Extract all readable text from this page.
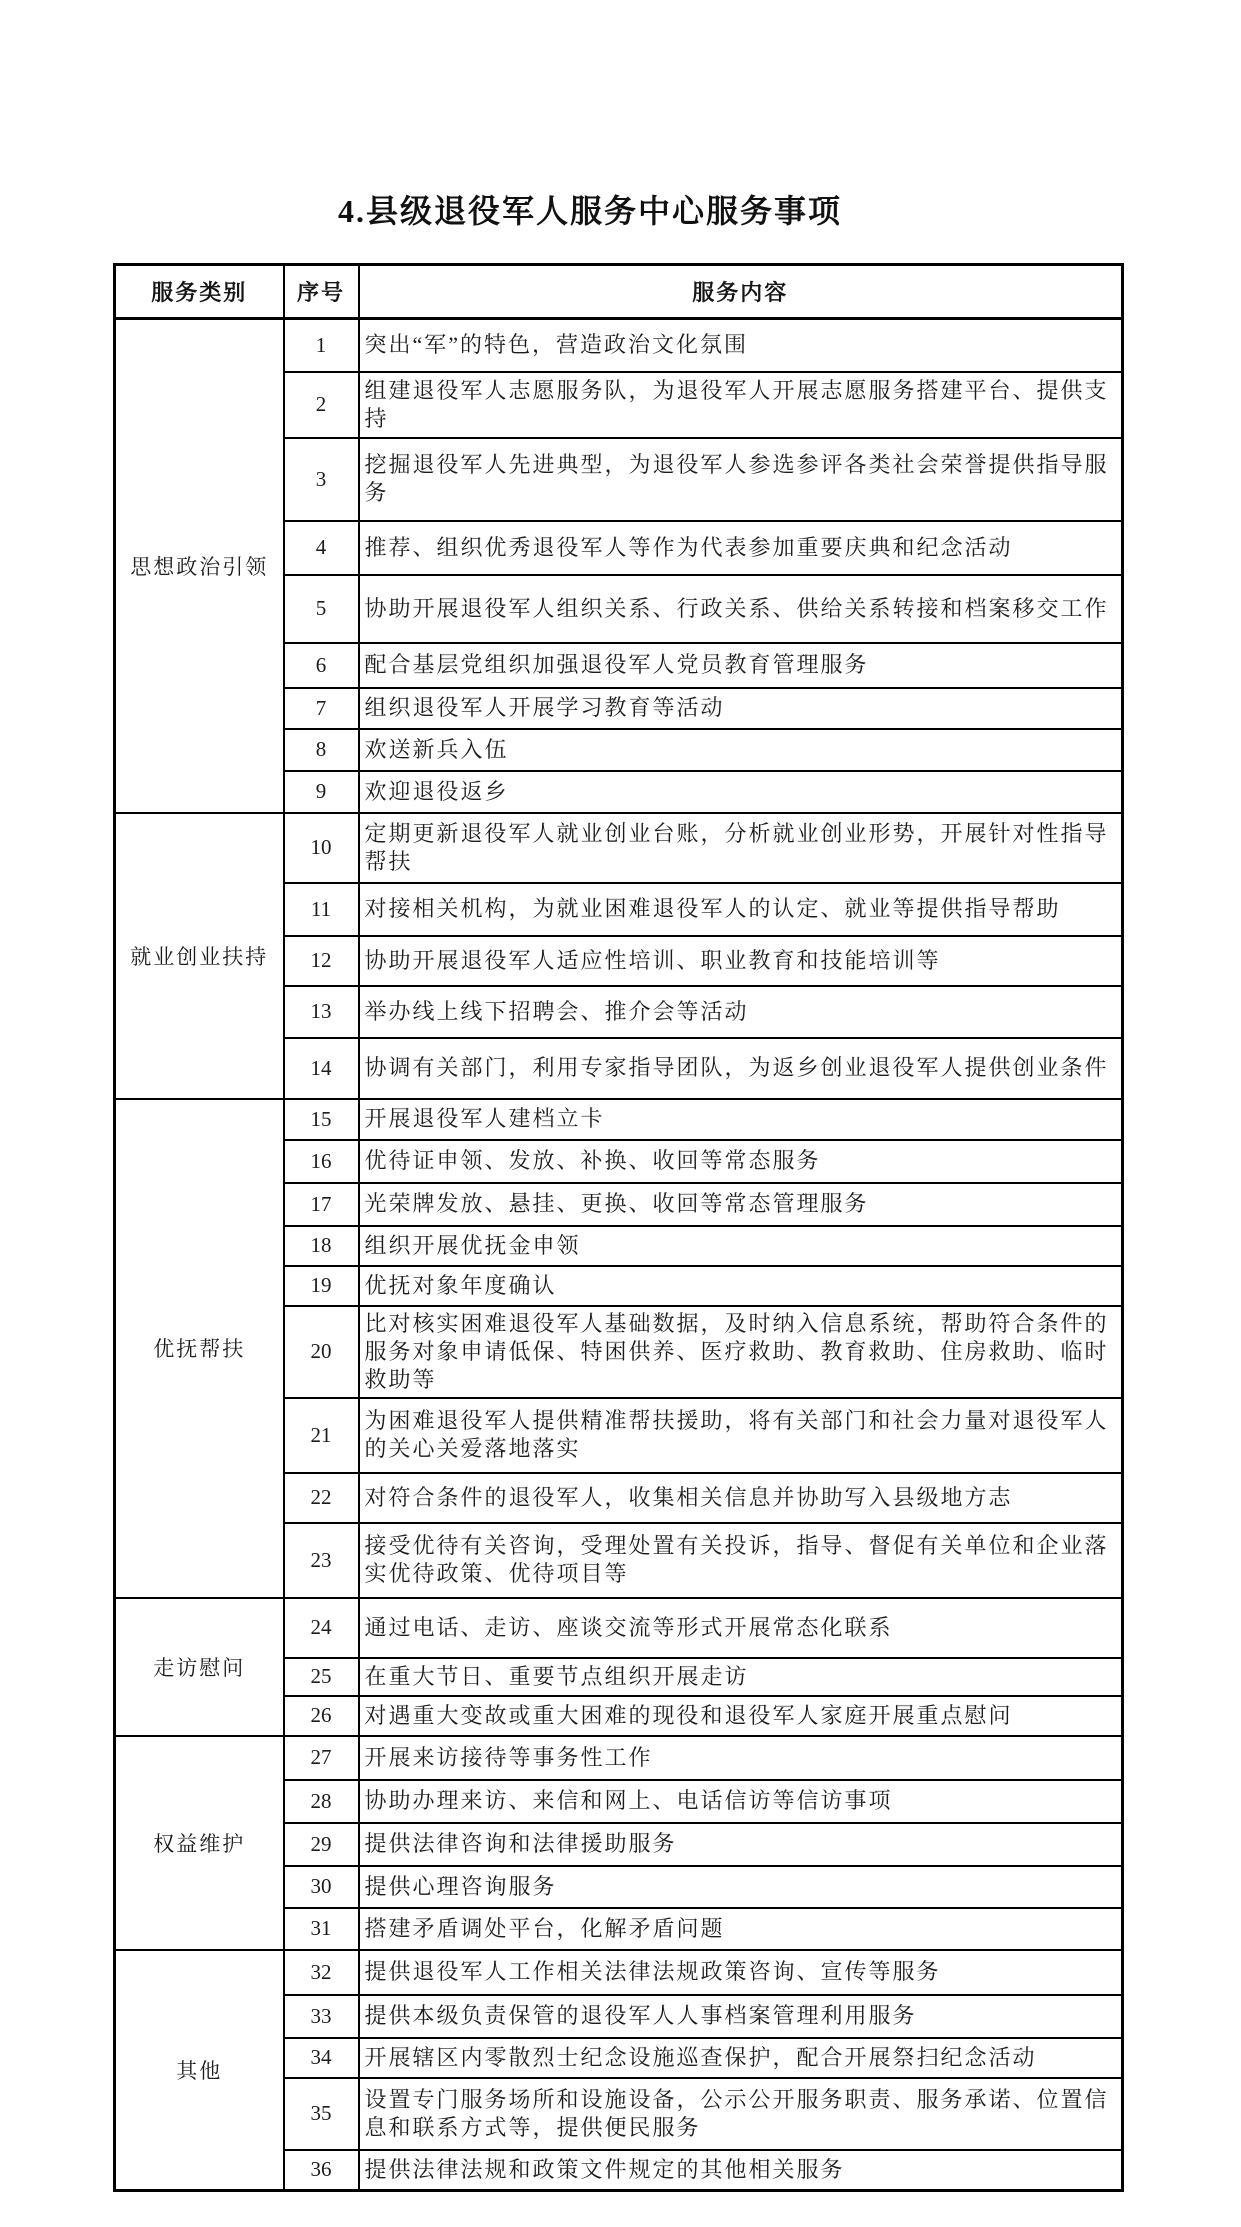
4.县级退役军人服务中心服务事项
服务类别	序号	服务内容
思想政治引领	1	突出“军”的特色，营造政治文化氛围
	2	组建退役军人志愿服务队，为退役军人开展志愿服务搭建平台、提供支持
	3	挖掘退役军人先进典型，为退役军人参选参评各类社会荣誉提供指导服务
	4	推荐、组织优秀退役军人等作为代表参加重要庆典和纪念活动
	5	协助开展退役军人组织关系、行政关系、供给关系转接和档案移交工作
	6	配合基层党组织加强退役军人党员教育管理服务
	7	组织退役军人开展学习教育等活动
	8	欢送新兵入伍
	9	欢迎退役返乡
就业创业扶持	10	定期更新退役军人就业创业台账，分析就业创业形势，开展针对性指导帮扶
	11	对接相关机构，为就业困难退役军人的认定、就业等提供指导帮助
	12	协助开展退役军人适应性培训、职业教育和技能培训等
	13	举办线上线下招聘会、推介会等活动
	14	协调有关部门，利用专家指导团队，为返乡创业退役军人提供创业条件
优抚帮扶	15	开展退役军人建档立卡
	16	优待证申领、发放、补换、收回等常态服务
	17	光荣牌发放、悬挂、更换、收回等常态管理服务
	18	组织开展优抚金申领
	19	优抚对象年度确认
	20	比对核实困难退役军人基础数据，及时纳入信息系统，帮助符合条件的服务对象申请低保、特困供养、医疗救助、教育救助、住房救助、临时救助等
	21	为困难退役军人提供精准帮扶援助，将有关部门和社会力量对退役军人的关心关爱落地落实
	22	对符合条件的退役军人，收集相关信息并协助写入县级地方志
	23	接受优待有关咨询，受理处置有关投诉，指导、督促有关单位和企业落实优待政策、优待项目等
走访慰问	24	通过电话、走访、座谈交流等形式开展常态化联系
	25	在重大节日、重要节点组织开展走访
	26	对遇重大变故或重大困难的现役和退役军人家庭开展重点慰问
权益维护	27	开展来访接待等事务性工作
	28	协助办理来访、来信和网上、电话信访等信访事项
	29	提供法律咨询和法律援助服务
	30	提供心理咨询服务
	31	搭建矛盾调处平台，化解矛盾问题
其他	32	提供退役军人工作相关法律法规政策咨询、宣传等服务
	33	提供本级负责保管的退役军人人事档案管理利用服务
	34	开展辖区内零散烈士纪念设施巡查保护，配合开展祭扫纪念活动
	35	设置专门服务场所和设施设备，公示公开服务职责、服务承诺、位置信息和联系方式等，提供便民服务
	36	提供法律法规和政策文件规定的其他相关服务
